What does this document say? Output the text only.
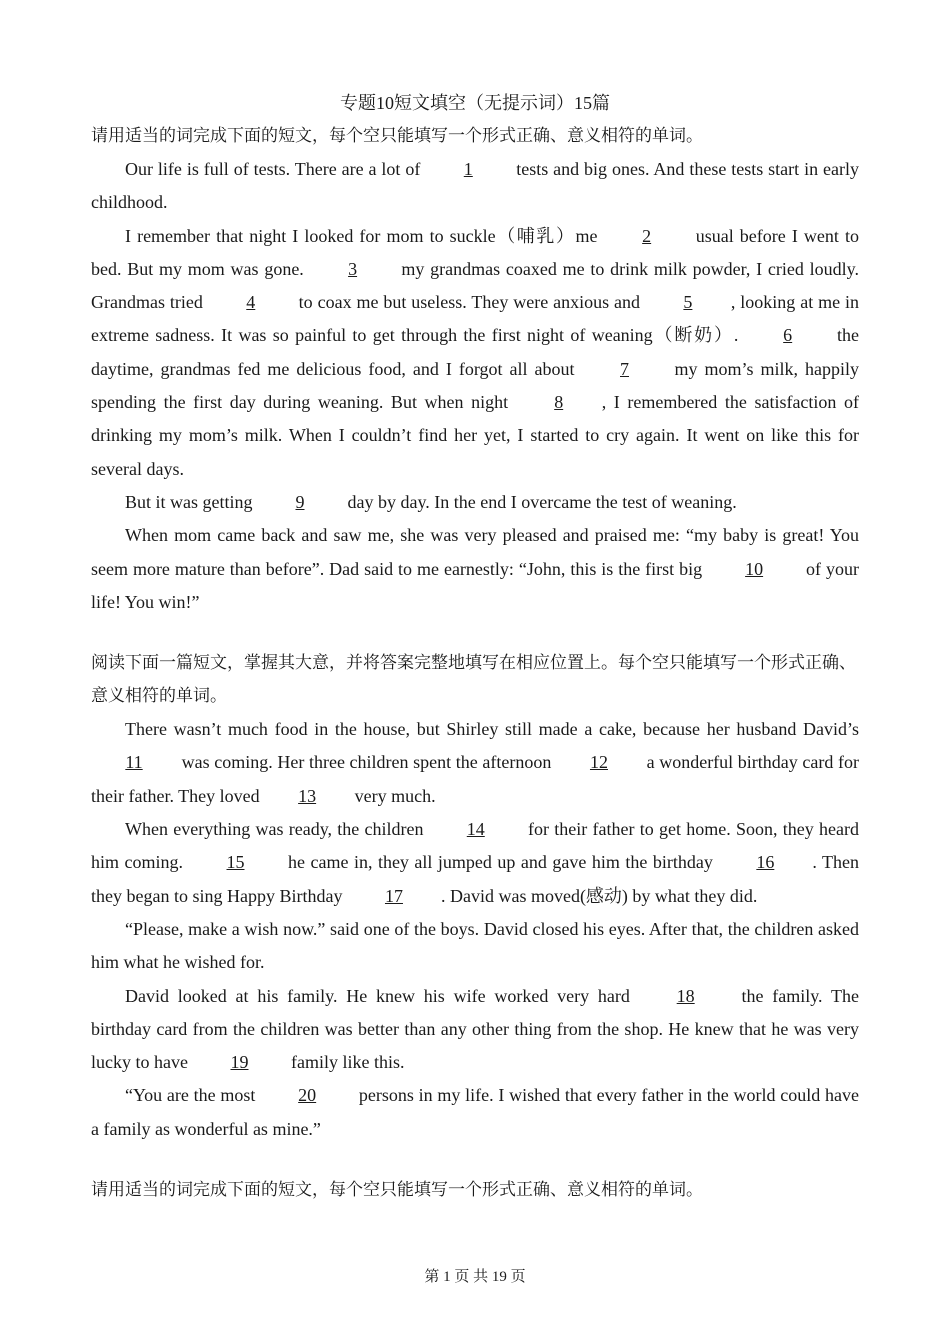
专题10短文填空（无提示词）15篇

请用适当的词完成下面的短文，每个空只能填写一个形式正确、意义相符的单词。

Our life is full of tests. There are a lot of 1 tests and big ones. And these tests start in early childhood.

I remember that night I looked for mom to suckle（哺乳）me 2 usual before I went to bed. But my mom was gone. 3 my grandmas coaxed me to drink milk powder, I cried loudly. Grandmas tried 4 to coax me but useless. They were anxious and 5 , looking at me in extreme sadness. It was so painful to get through the first night of weaning（断奶）. 6 the daytime, grandmas fed me delicious food, and I forgot all about 7 my mom’s milk, happily spending the first day during weaning. But when night 8 , I remembered the satisfaction of drinking my mom’s milk. When I couldn’t find her yet, I started to cry again. It went on like this for several days.

But it was getting 9 day by day. In the end I overcame the test of weaning.

When mom came back and saw me, she was very pleased and praised me: “my baby is great! You seem more mature than before”. Dad said to me earnestly: “John, this is the first big 10 of your life! You win!”

阅读下面一篇短文，掌握其大意，并将答案完整地填写在相应位置上。每个空只能填写一个形式正确、意义相符的单词。

There wasn’t much food in the house, but Shirley still made a cake, because her husband David’s 11 was coming. Her three children spent the afternoon 12 a wonderful birthday card for their father. They loved 13 very much.

When everything was ready, the children 14 for their father to get home. Soon, they heard him coming. 15 he came in, they all jumped up and gave him the birthday 16 . Then they began to sing Happy Birthday 17 . David was moved(感动) by what they did.

“Please, make a wish now.” said one of the boys. David closed his eyes. After that, the children asked him what he wished for.

David looked at his family. He knew his wife worked very hard 18 the family. The birthday card from the children was better than any other thing from the shop. He knew that he was very lucky to have 19 family like this.

“You are the most 20 persons in my life. I wished that every father in the world could have a family as wonderful as mine.”

请用适当的词完成下面的短文，每个空只能填写一个形式正确、意义相符的单词。

第 1 页 共 19 页
